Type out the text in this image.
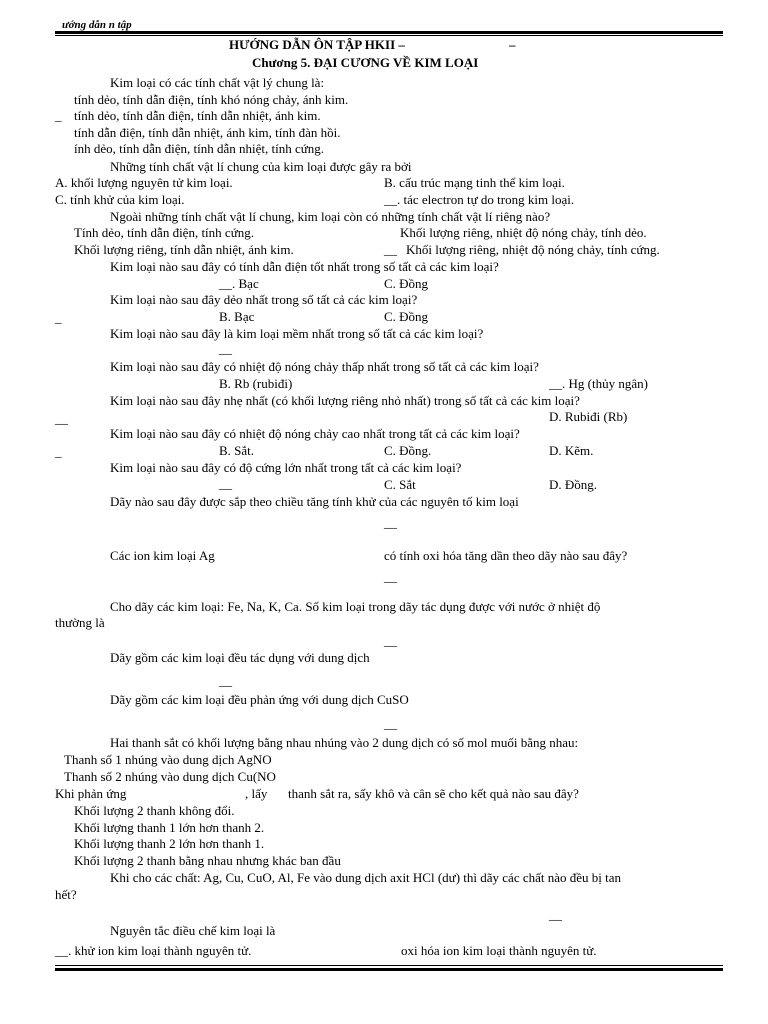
ướng dẫn n tập
HƯỚNG DẪN ÔN TẬP HKII –	–
Chương 5. ĐẠI CƯƠNG VỀ KIM LOẠI
Kim loại có các tính chất vật lý chung là:
tính dẻo, tính dẫn điện, tính khó nóng chảy, ánh kim.
_ tính dẻo, tính dẫn điện, tính dẫn nhiệt, ánh kim.
tính dẫn điện, tính dẫn nhiệt, ánh kim, tính đàn hồi.
ính dẻo, tính dẫn điện, tính dẫn nhiệt, tính cứng.
Những tính chất vật lí chung của kim loại được gây ra bởi
A. khối lượng nguyên tử kim loại.	B. cấu trúc mạng tinh thể kim loại.
C. tính khử của kim loại.	__. tác electron tự do trong kim loại.
Ngoài những tính chất vật lí chung, kim loại còn có những tính chất vật lí riêng nào?
Tính dẻo, tính dẫn điện, tính cứng.	Khối lượng riêng, nhiệt độ nóng chảy, tính dẻo.
Khối lượng riêng, tính dẫn nhiệt, ánh kim.	__ Khối lượng riêng, nhiệt độ nóng chảy, tính cứng.
Kim loại nào sau đây có tính dẫn điện tốt nhất trong số tất cả các kim loại?
__. Bạc	C. Đồng
Kim loại nào sau đây dẻo nhất trong số tất cả các kim loại?
_	B. Bạc	C. Đồng
Kim loại nào sau đây là kim loại mềm nhất trong số tất cả các kim loại?
__
Kim loại nào sau đây có nhiệt độ nóng chảy thấp nhất trong số tất cả các kim loại?
B. Rb (rubiđi)	__. Hg (thủy ngân)
Kim loại nào sau đây nhẹ nhất (có khối lượng riêng nhỏ nhất) trong số tất cả các kim loại?
__	D. Rubiđi (Rb)
Kim loại nào sau đây có nhiệt độ nóng chảy cao nhất trong tất cả các kim loại?
_	B. Sắt.	C. Đồng.	D. Kẽm.
Kim loại nào sau đây có độ cứng lớn nhất trong tất cả các kim loại?
__	C. Sắt	D. Đồng.
Dãy nào sau đây được sắp theo chiều tăng tính khử của các nguyên tố kim loại
__
Các ion kim loại Ag	có tính oxi hóa tăng dần theo dãy nào sau đây?
__
Cho dãy các kim loại: Fe, Na, K, Ca. Số kim loại trong dãy tác dụng được với nước ở nhiệt độ
thường là
__
Dãy gồm các kim loại đều tác dụng với dung dịch
__
Dãy gồm các kim loại đều phản ứng với dung dịch CuSO
__
Hai thanh sắt có khối lượng bằng nhau nhúng vào 2 dung dịch có số mol muối bằng nhau:
Thanh số 1 nhúng vào dung dịch AgNO
Thanh số 2 nhúng vào dung dịch Cu(NO
Khi phản ứng	, lấy thanh sắt ra, sấy khô và cân sẽ cho kết quả nào sau đây?
Khối lượng 2 thanh không đổi.
Khối lượng thanh 1 lớn hơn thanh 2.
Khối lượng thanh 2 lớn hơn thanh 1.
Khối lượng 2 thanh bằng nhau nhưng khác ban đầu
Khi cho các chất: Ag, Cu, CuO, Al, Fe vào dung dịch axit HCl (dư) thì dãy các chất nào đều bị tan
hết?
__
Nguyên tắc điều chế kim loại là
__. khử ion kim loại thành nguyên tử.	oxi hóa ion kim loại thành nguyên tử.
